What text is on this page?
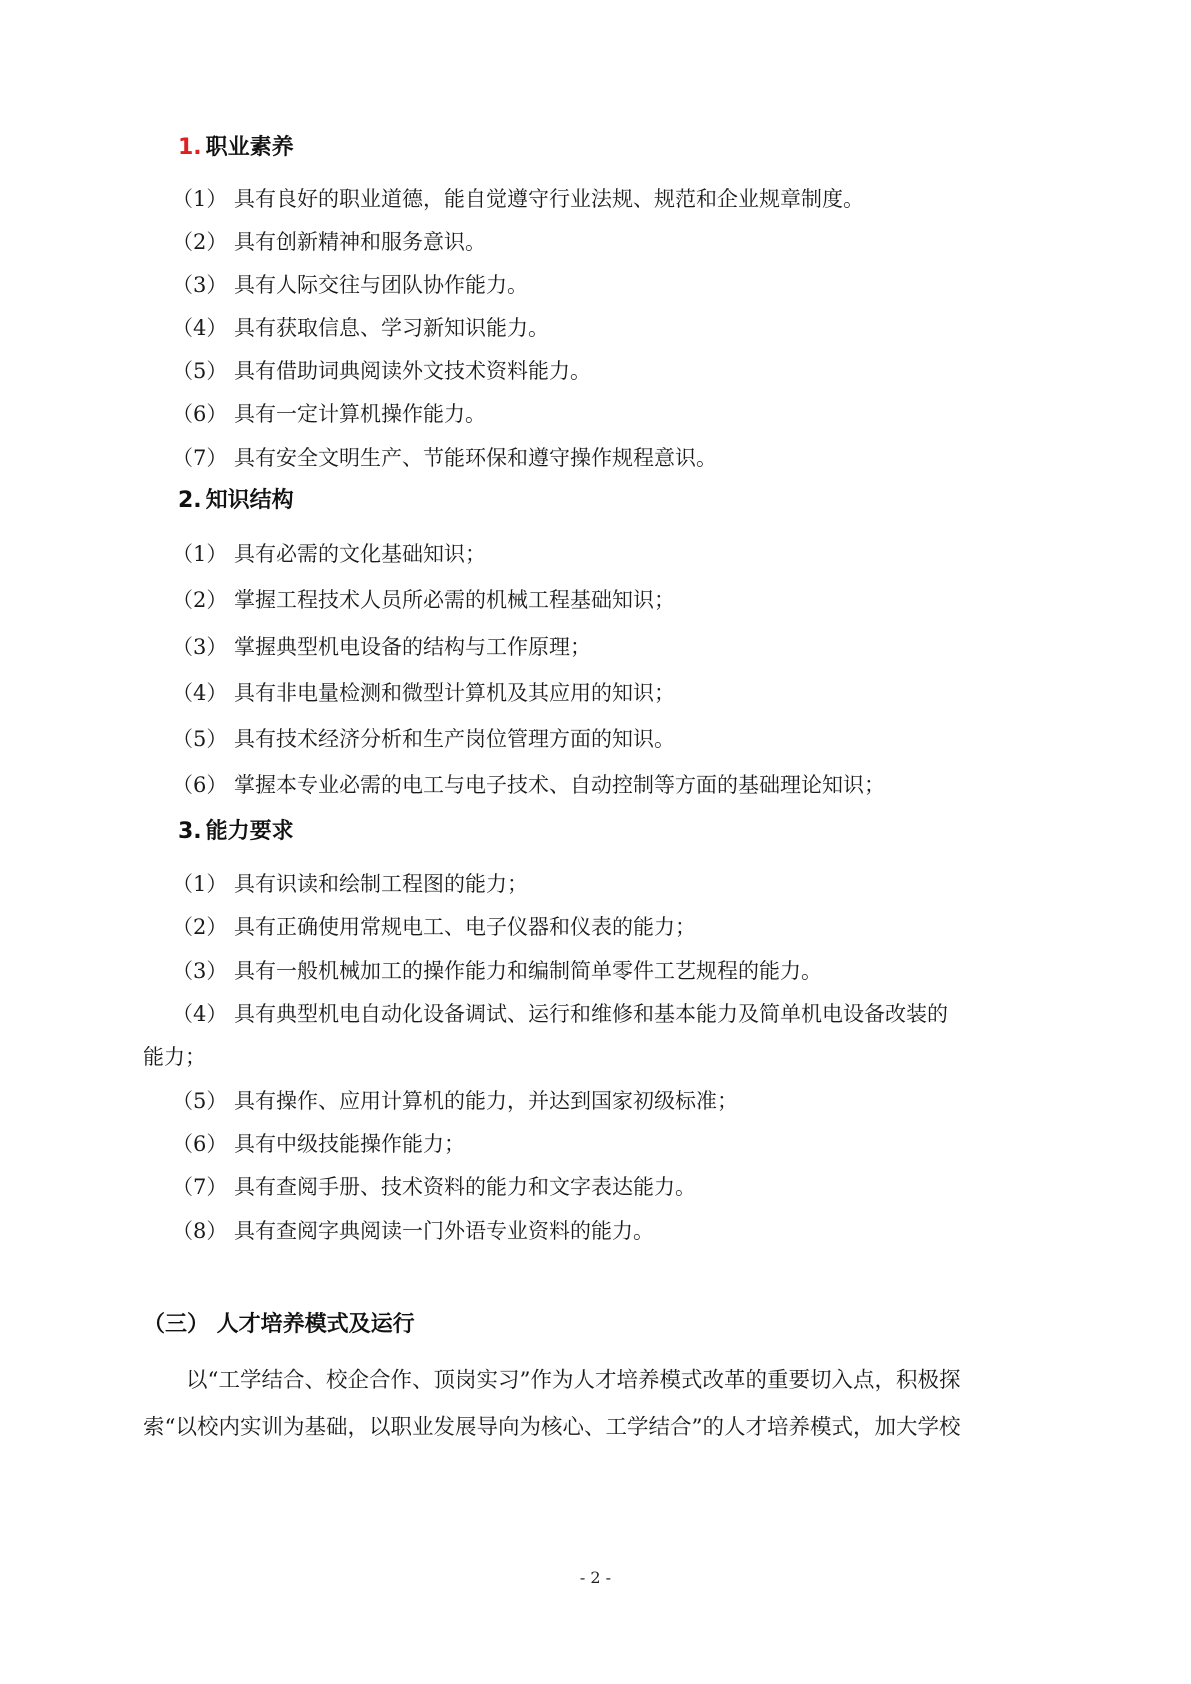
1. 职业素养
（1） 具有良好的职业道德，能自觉遵守行业法规、规范和企业规章制度。
（2） 具有创新精神和服务意识。
（3） 具有人际交往与团队协作能力。
（4） 具有获取信息、学习新知识能力。
（5） 具有借助词典阅读外文技术资料能力。
（6） 具有一定计算机操作能力。
（7） 具有安全文明生产、节能环保和遵守操作规程意识。
2. 知识结构
（1） 具有必需的文化基础知识；
（2） 掌握工程技术人员所必需的机械工程基础知识；
（3） 掌握典型机电设备的结构与工作原理；
（4） 具有非电量检测和微型计算机及其应用的知识；
（5） 具有技术经济分析和生产岗位管理方面的知识。
（6） 掌握本专业必需的电工与电子技术、自动控制等方面的基础理论知识；
3. 能力要求
（1） 具有识读和绘制工程图的能力；
（2） 具有正确使用常规电工、电子仪器和仪表的能力；
（3） 具有一般机械加工的操作能力和编制简单零件工艺规程的能力。
（4） 具有典型机电自动化设备调试、运行和维修和基本能力及简单机电设备改装的
能力；
（5） 具有操作、应用计算机的能力，并达到国家初级标准；
（6） 具有中级技能操作能力；
（7） 具有查阅手册、技术资料的能力和文字表达能力。
（8） 具有查阅字典阅读一门外语专业资料的能力。
（三） 人才培养模式及运行
以“工学结合、校企合作、顶岗实习”作为人才培养模式改革的重要切入点，积极探
索“以校内实训为基础，以职业发展导向为核心、工学结合”的人才培养模式，加大学校
- 2 -
